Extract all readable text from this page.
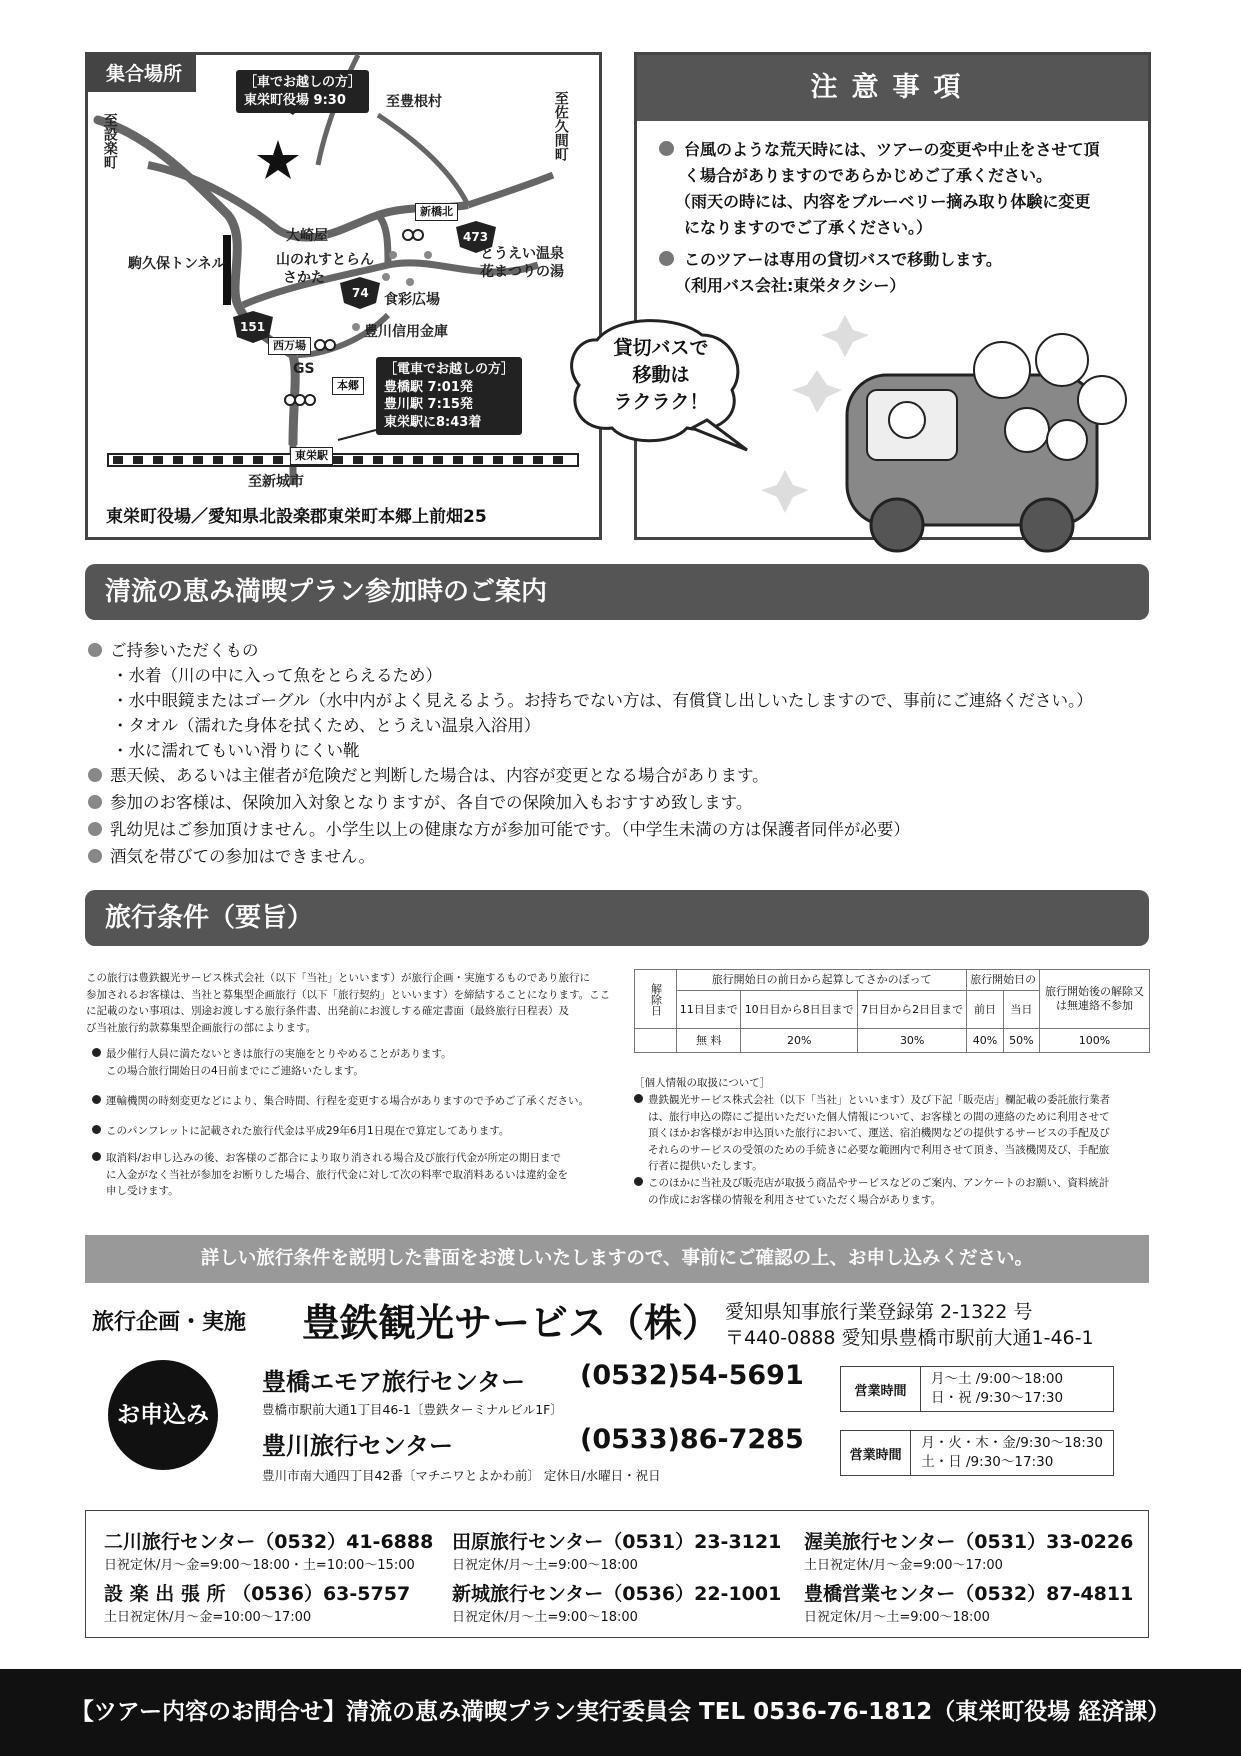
集合場所	［車でお越しの方］
東栄町役場 9:30
至設楽町
至豊根村	至佐久間町
新橋北
大崎屋
山のれすとらん
さかた
とうえい温泉
花まつりの湯
駒久保トンネル
食彩広場
豊川信用金庫
西万場
GS
本郷
東栄駅
至新城市
473
74
151
［電車でお越しの方］
豊橋駅 7:01発
豊川駅 7:15発
東栄駅に8:43着
東栄町役場／愛知県北設楽郡東栄町本郷上前畑25
注意事項
台風のような荒天時には、ツアーの変更や中止をさせて頂
く場合がありますのであらかじめご了承ください。
（雨天の時には、内容をブルーベリー摘み取り体験に変更
になりますのでご了承ください。）
このツアーは専用の貸切バスで移動します。
（利用バス会社:東栄タクシー）
貸切バスで
移動は
ラクラク！
清流の恵み満喫プラン参加時のご案内
ご持参いただくもの
・水着（川の中に入って魚をとらえるため）
・水中眼鏡またはゴーグル（水中内がよく見えるよう。お持ちでない方は、有償貸し出しいたしますので、事前にご連絡ください。）
・タオル（濡れた身体を拭くため、とうえい温泉入浴用）
・水に濡れてもいい滑りにくい靴
悪天候、あるいは主催者が危険だと判断した場合は、内容が変更となる場合があります。
参加のお客様は、保険加入対象となりますが、各自での保険加入もおすすめ致します。
乳幼児はご参加頂けません。小学生以上の健康な方が参加可能です。（中学生未満の方は保護者同伴が必要）
酒気を帯びての参加はできません。
旅行条件（要旨）
この旅行は豊鉄観光サービス株式会社（以下「当社」といいます）が旅行企画・実施するものであり旅行に
参加されるお客様は、当社と募集型企画旅行（以下「旅行契約」といいます）を締結することになります。ここ
に記載のない事項は、別途お渡しする旅行条件書、出発前にお渡しする確定書面（最終旅行日程表）及
び当社旅行約款募集型企画旅行の部によります。
最少催行人員に満たないときは旅行の実施をとりやめることがあります。
この場合旅行開始日の4日前までにご連絡いたします。
運輸機関の時刻変更などにより、集合時間、行程を変更する場合がありますので予めご了承ください。
このパンフレットに記載された旅行代金は平成29年6月1日現在で算定してあります。
取消料/お申し込みの後、お客様のご都合により取り消される場合及び旅行代金が所定の期日まで
に入金がなく当社が参加をお断りした場合、旅行代金に対して次の料率で取消料あるいは違約金を
申し受けます。
解除日	旅行開始日の前日から起算してさかのぼって			旅行開始日の		旅行開始後の解除又は無連絡不参加
	11日目まで	10日目から8日目まで	7日目から2日目まで	前日	当日	
	無 料	20%	30%	40%	50%	100%
［個人情報の取扱について］
豊鉄観光サービス株式会社（以下「当社」といいます）及び下記「販売店」欄記載の委託旅行業者
は、旅行申込の際にご提出いただいた個人情報について、お客様との間の連絡のために利用させて
頂くほかお客様がお申込頂いた旅行において、運送、宿泊機関などの提供するサービスの手配及び
それらのサービスの受領のための手続きに必要な範囲内で利用させて頂き、当該機関及び、手配旅
行者に提供いたします。
このほかに当社及び販売店が取扱う商品やサービスなどのご案内、アンケートのお願い、資料統計
の作成にお客様の情報を利用させていただく場合があります。
詳しい旅行条件を説明した書面をお渡しいたしますので、事前にご確認の上、お申し込みください。
旅行企画・実施 豊鉄観光サービス（株） 愛知県知事旅行業登録第 2-1322 号
〒440-0888 愛知県豊橋市駅前大通1-46-1
お申込み
豊橋エモア旅行センター (0532)54-5691
豊橋市駅前大通1丁目46-1〔豊鉄ターミナルビル1F〕
営業時間
月～土 /9:00～18:00
日・祝 /9:30～17:30
豊川旅行センター	(0533)86-7285
豊川市南大通四丁目42番〔マチニワとよかわ前〕 定休日/水曜日・祝日
営業時間
月・火・木・金/9:30～18:30
土・日 /9:30～17:30
二川旅行センター（0532）41-6888
日祝定休/月～金=9:00～18:00・土=10:00～15:00
田原旅行センター（0531）23-3121
日祝定休/月～土=9:00～18:00
渥美旅行センター（0531）33-0226
土日祝定休/月～金=9:00～17:00
設 楽 出 張 所 （0536）63-5757
土日祝定休/月～金=10:00～17:00
新城旅行センター（0536）22-1001
日祝定休/月～土=9:00～18:00
豊橋営業センター（0532）87-4811
日祝定休/月～土=9:00～18:00
【ツアー内容のお問合せ】清流の恵み満喫プラン実行委員会 TEL 0536-76-1812（東栄町役場 経済課）
